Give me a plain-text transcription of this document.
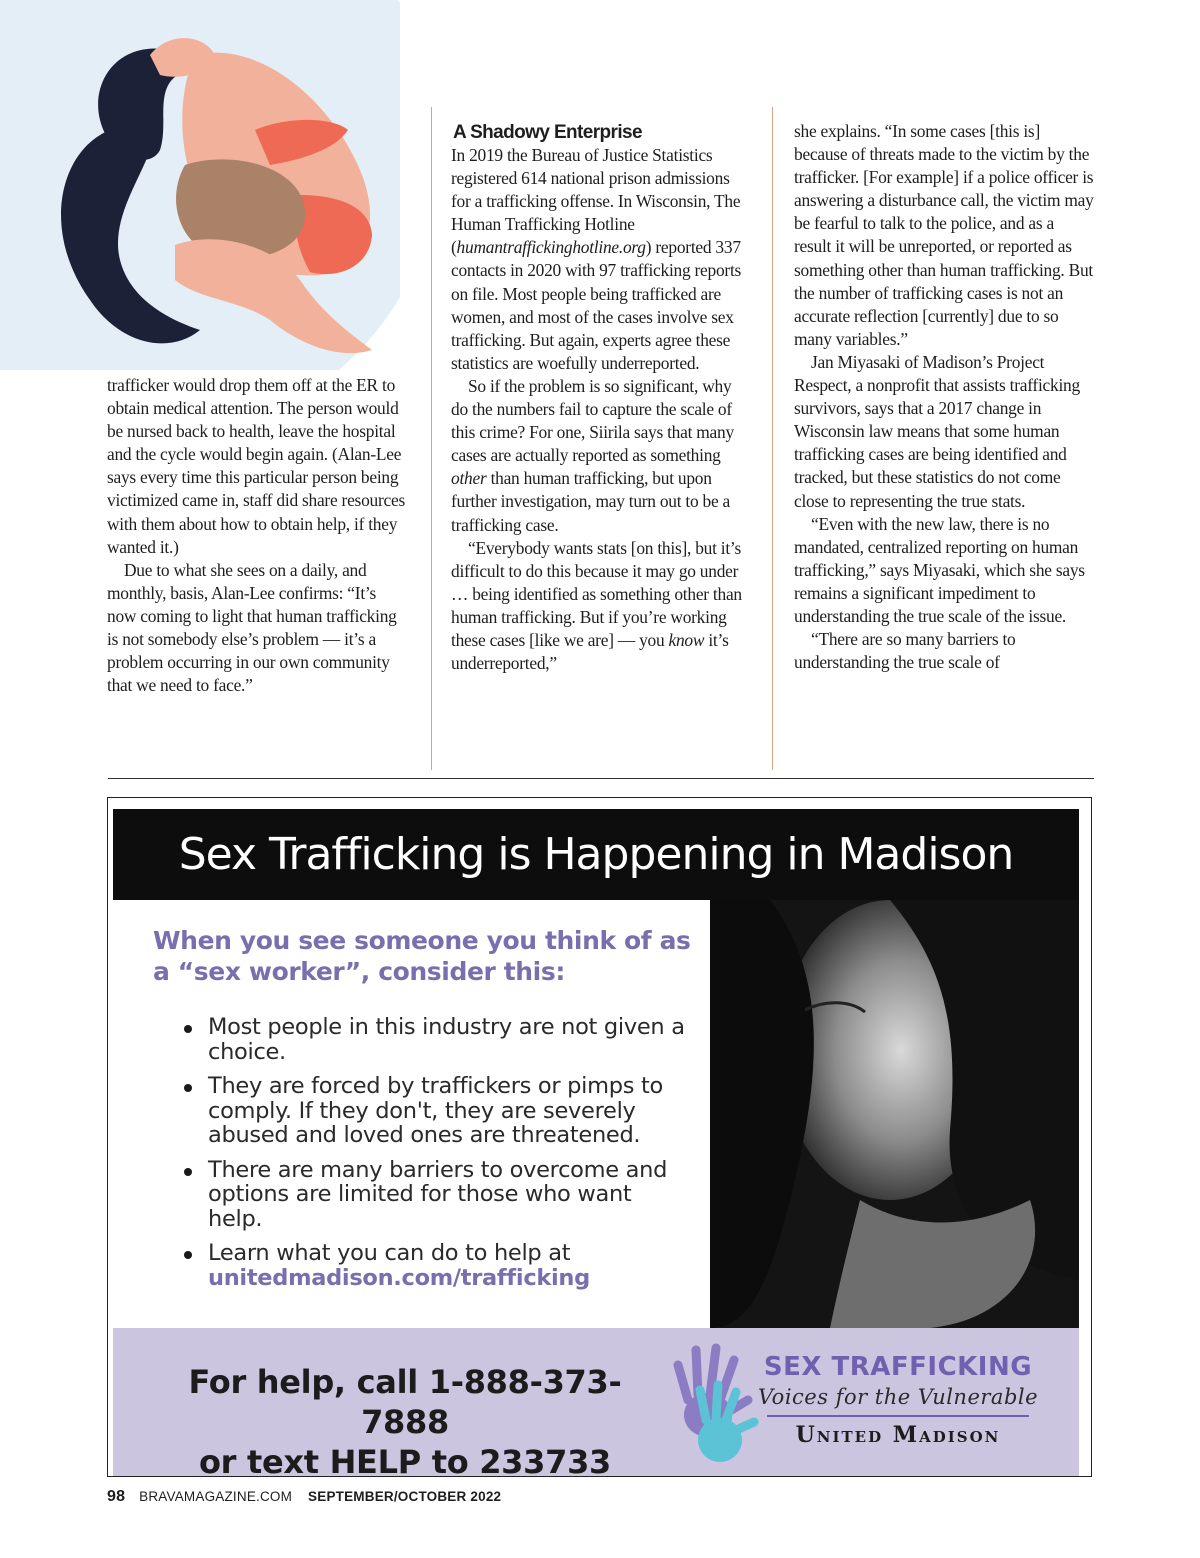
trafficker would drop them off at the ER to obtain medical attention. The person would be nursed back to health, leave the hospital and the cycle would begin again. (Alan-Lee says every time this particular person being victimized came in, staff did share resources with them about how to obtain help, if they wanted it.)

Due to what she sees on a daily, and monthly, basis, Alan-Lee confirms: “It’s now coming to light that human trafficking is not somebody else’s problem — it’s a problem occurring in our own community that we need to face.”

A Shadowy Enterprise

In 2019 the Bureau of Justice Statistics registered 614 national prison admissions for a trafficking offense. In Wisconsin, The Human Trafficking Hotline (humantraffickinghotline.org) reported 337 contacts in 2020 with 97 trafficking reports on file. Most people being trafficked are women, and most of the cases involve sex trafficking. But again, experts agree these statistics are woefully underreported.

So if the problem is so significant, why do the numbers fail to capture the scale of this crime? For one, Siirila says that many cases are actually reported as something other than human trafficking, but upon further investigation, may turn out to be a trafficking case.

“Everybody wants stats [on this], but it’s difficult to do this because it may go under … being identified as something other than human trafficking. But if you’re working these cases [like we are] — you know it’s underreported,”

she explains. “In some cases [this is] because of threats made to the victim by the trafficker. [For example] if a police officer is answering a disturbance call, the victim may be fearful to talk to the police, and as a result it will be unreported, or reported as something other than human trafficking. But the number of trafficking cases is not an accurate reflection [currently] due to so many variables.”

Jan Miyasaki of Madison’s Project Respect, a nonprofit that assists trafficking survivors, says that a 2017 change in Wisconsin law means that some human trafficking cases are being identified and tracked, but these statistics do not come close to representing the true stats.

“Even with the new law, there is no mandated, centralized reporting on human trafficking,” says Miyasaki, which she says remains a significant impediment to understanding the true scale of the issue.

“There are so many barriers to understanding the true scale of

Sex Trafficking is Happening in Madison
When you see someone you think of as a “sex worker”, consider this:
Most people in this industry are not given a choice.
They are forced by traffickers or pimps to comply. If they don't, they are severely abused and loved ones are threatened.
There are many barriers to overcome and options are limited for those who want help.
Learn what you can do to help at
unitedmadison.com/trafficking
For help, call 1-888-373-7888
or text HELP to 233733
SEX TRAFFICKING
Voices for the Vulnerable
United Madison
98 BRAVAMAGAZINE.COM SEPTEMBER/OCTOBER 2022
